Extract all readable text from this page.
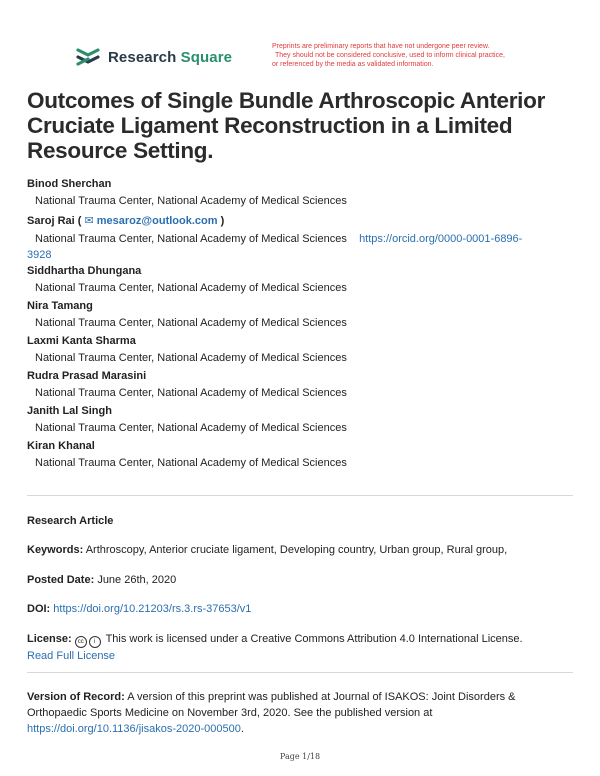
Research Square
Preprints are preliminary reports that have not undergone peer review.
They should not be considered conclusive, used to inform clinical practice,
or referenced by the media as validated information.
Outcomes of Single Bundle Arthroscopic Anterior Cruciate Ligament Reconstruction in a Limited Resource Setting.
Binod Sherchan
National Trauma Center, National Academy of Medical Sciences
Saroj Rai ( ✉ mesaroz@outlook.com )
National Trauma Center, National Academy of Medical Sciences https://orcid.org/0000-0001-6896-
3928
Siddhartha Dhungana
National Trauma Center, National Academy of Medical Sciences
Nira Tamang
National Trauma Center, National Academy of Medical Sciences
Laxmi Kanta Sharma
National Trauma Center, National Academy of Medical Sciences
Rudra Prasad Marasini
National Trauma Center, National Academy of Medical Sciences
Janith Lal Singh
National Trauma Center, National Academy of Medical Sciences
Kiran Khanal
National Trauma Center, National Academy of Medical Sciences
Research Article
Keywords: Arthroscopy, Anterior cruciate ligament, Developing country, Urban group, Rural group,
Posted Date: June 26th, 2020
DOI: https://doi.org/10.21203/rs.3.rs-37653/v1
License: cc i This work is licensed under a Creative Commons Attribution 4.0 International License.
Read Full License
Version of Record: A version of this preprint was published at Journal of ISAKOS: Joint Disorders &
Orthopaedic Sports Medicine on November 3rd, 2020. See the published version at
https://doi.org/10.1136/jisakos-2020-000500.
Page 1/18
